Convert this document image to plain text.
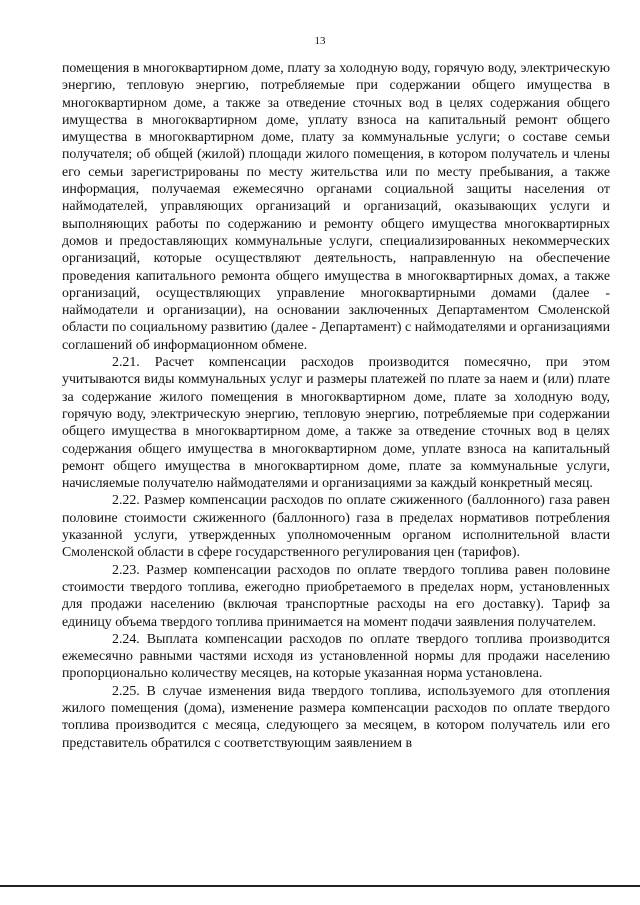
13

помещения в многоквартирном доме, плату за холодную воду, горячую воду, электрическую энергию, тепловую энергию, потребляемые при содержании общего имущества в многоквартирном доме, а также за отведение сточных вод в целях содержания общего имущества в многоквартирном доме, уплату взноса на капитальный ремонт общего имущества в многоквартирном доме, плату за коммунальные услуги; о составе семьи получателя; об общей (жилой) площади жилого помещения, в котором получатель и члены его семьи зарегистрированы по месту жительства или по месту пребывания, а также информация, получаемая ежемесячно органами социальной защиты населения от наймодателей, управляющих организаций и организаций, оказывающих услуги и выполняющих работы по содержанию и ремонту общего имущества многоквартирных домов и предоставляющих коммунальные услуги, специализированных некоммерческих организаций, которые осуществляют деятельность, направленную на обеспечение проведения капитального ремонта общего имущества в многоквартирных домах, а также организаций, осуществляющих управление многоквартирными домами (далее - наймодатели и организации), на основании заключенных Департаментом Смоленской области по социальному развитию (далее - Департамент) с наймодателями и организациями соглашений об информационном обмене.

2.21. Расчет компенсации расходов производится помесячно, при этом учитываются виды коммунальных услуг и размеры платежей по плате за наем и (или) плате за содержание жилого помещения в многоквартирном доме, плате за холодную воду, горячую воду, электрическую энергию, тепловую энергию, потребляемые при содержании общего имущества в многоквартирном доме, а также за отведение сточных вод в целях содержания общего имущества в многоквартирном доме, уплате взноса на капитальный ремонт общего имущества в многоквартирном доме, плате за коммунальные услуги, начисляемые получателю наймодателями и организациями за каждый конкретный месяц.

2.22. Размер компенсации расходов по оплате сжиженного (баллонного) газа равен половине стоимости сжиженного (баллонного) газа в пределах нормативов потребления указанной услуги, утвержденных уполномоченным органом исполнительной власти Смоленской области в сфере государственного регулирования цен (тарифов).

2.23. Размер компенсации расходов по оплате твердого топлива равен половине стоимости твердого топлива, ежегодно приобретаемого в пределах норм, установленных для продажи населению (включая транспортные расходы на его доставку). Тариф за единицу объема твердого топлива принимается на момент подачи заявления получателем.

2.24. Выплата компенсации расходов по оплате твердого топлива производится ежемесячно равными частями исходя из установленной нормы для продажи населению пропорционально количеству месяцев, на которые указанная норма установлена.

2.25. В случае изменения вида твердого топлива, используемого для отопления жилого помещения (дома), изменение размера компенсации расходов по оплате твердого топлива производится с месяца, следующего за месяцем, в котором получатель или его представитель обратился с соответствующим заявлением в
